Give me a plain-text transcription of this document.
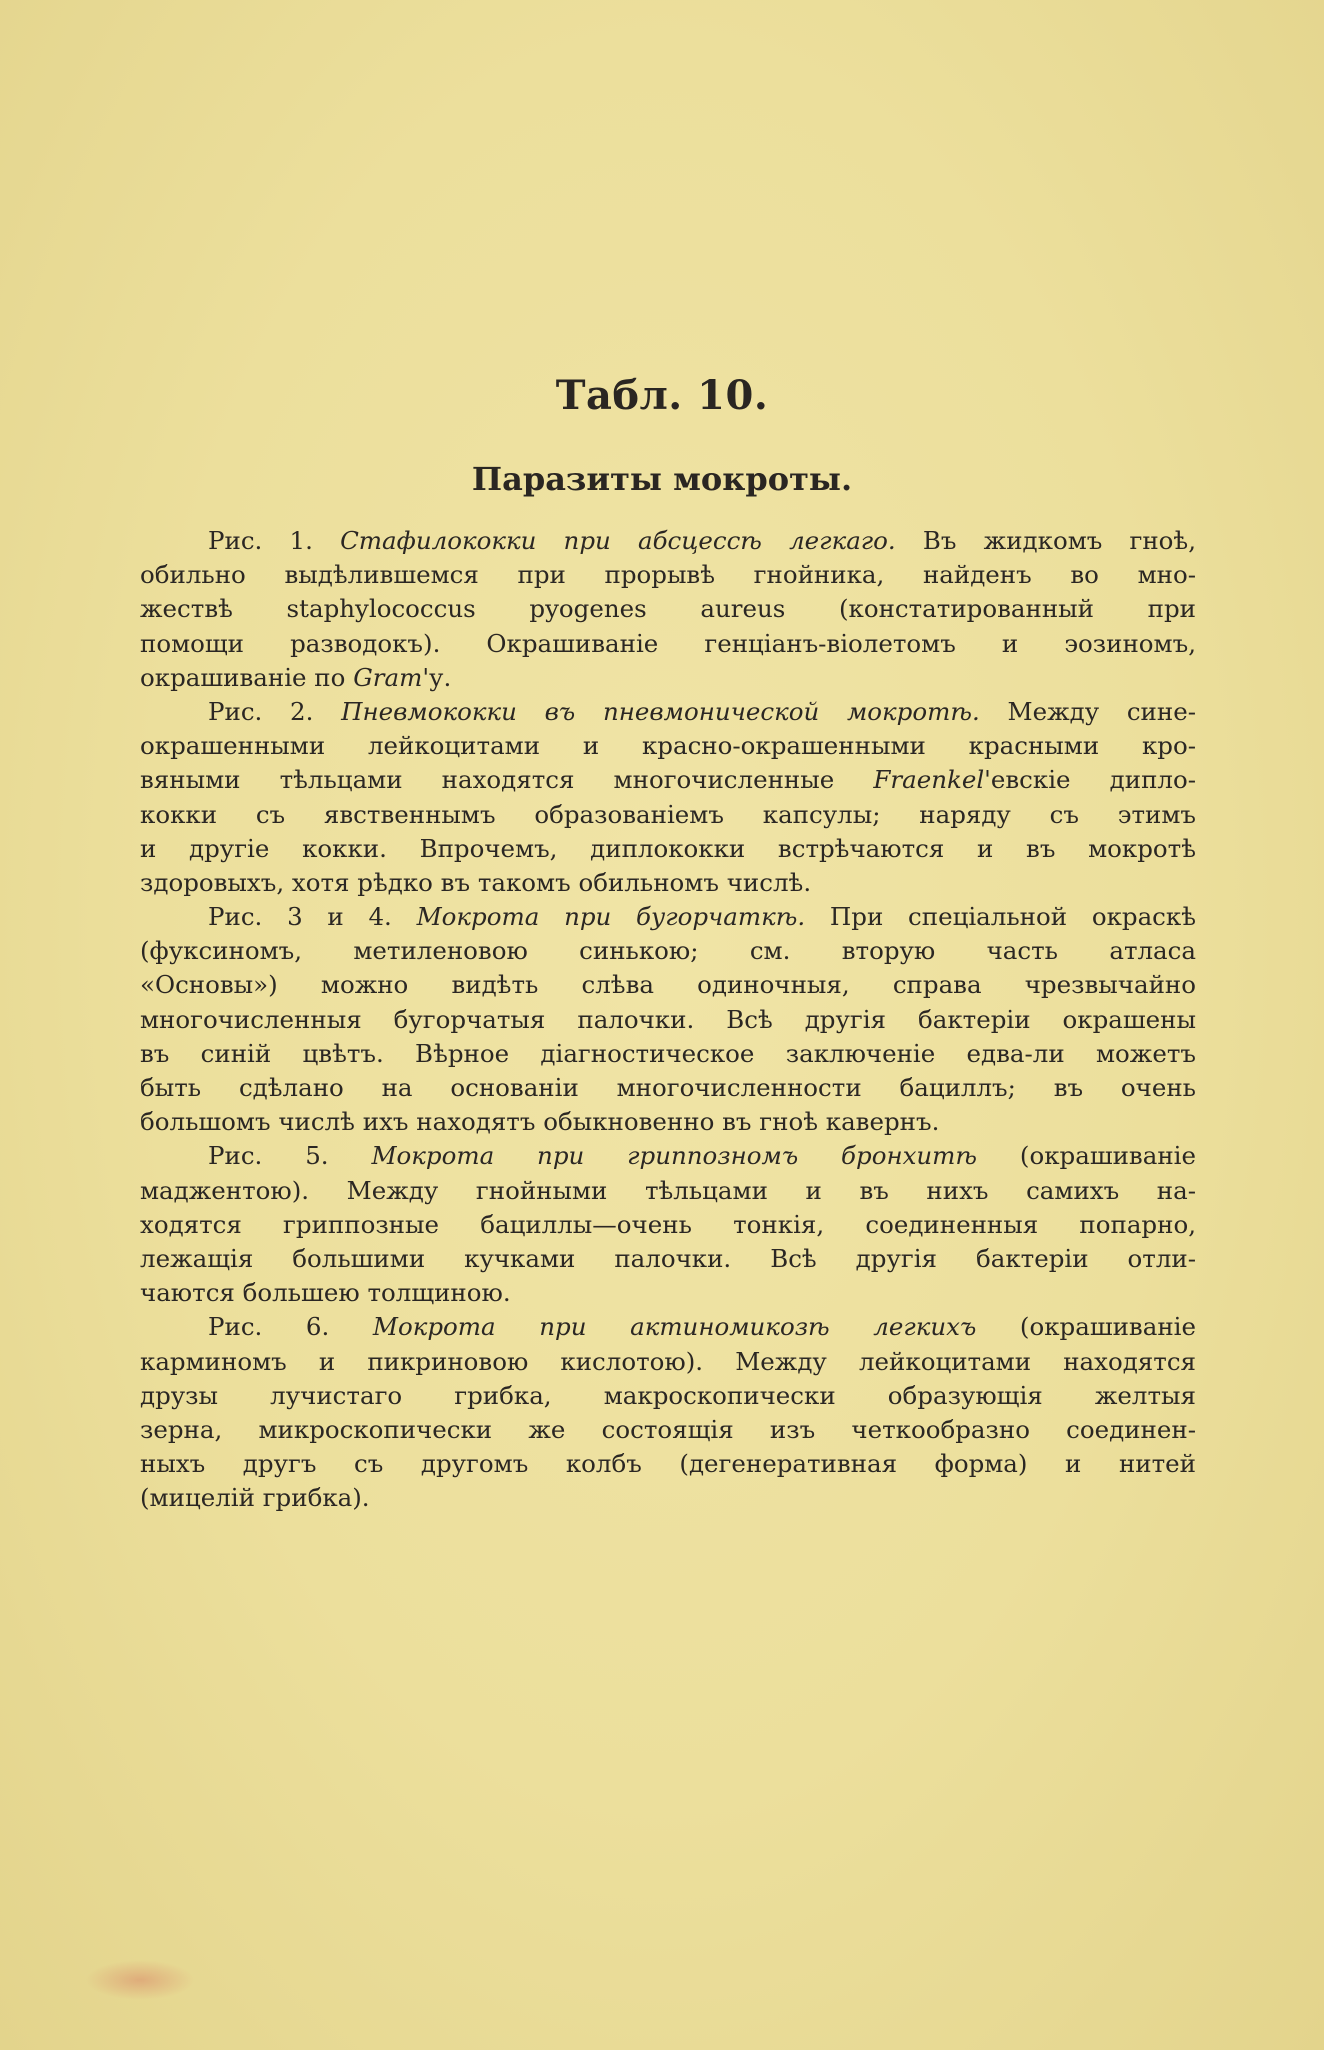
Табл. 10.
Паразиты мокроты.
Рис. 1. Стафилококки при абсцессѣ легкаго. Въ жидкомъ гноѣ,
обильно выдѣлившемся при прорывѣ гнойника, найденъ во мно-
жествѣ staphylococcus pyogenes aureus (констатированный при
помощи разводокъ). Окрашиваніе генціанъ-віолетомъ и эозиномъ,
окрашиваніе по Gram'у.
Рис. 2. Пневмококки въ пневмонической мокротѣ. Между сине-
окрашенными лейкоцитами и красно-окрашенными красными кро-
вяными тѣльцами находятся многочисленные Fraenkel'евскіе дипло-
кокки съ явственнымъ образованіемъ капсулы; наряду съ этимъ
и другіе кокки. Впрочемъ, диплококки встрѣчаются и въ мокротѣ
здоровыхъ, хотя рѣдко въ такомъ обильномъ числѣ.
Рис. 3 и 4. Мокрота при бугорчаткѣ. При спеціальной окраскѣ
(фуксиномъ, метиленовою синькою; см. вторую часть атласа
«Основы») можно видѣть слѣва одиночныя, справа чрезвычайно
многочисленныя бугорчатыя палочки. Всѣ другія бактеріи окрашены
въ синій цвѣтъ. Вѣрное діагностическое заключеніе едва-ли можетъ
быть сдѣлано на основаніи многочисленности бациллъ; въ очень
большомъ числѣ ихъ находятъ обыкновенно въ гноѣ кавернъ.
Рис. 5. Мокрота при гриппозномъ бронхитѣ (окрашиваніе
маджентою). Между гнойными тѣльцами и въ нихъ самихъ на-
ходятся гриппозные бациллы—очень тонкія, соединенныя попарно,
лежащія большими кучками палочки. Всѣ другія бактеріи отли-
чаются большею толщиною.
Рис. 6. Мокрота при актиномикозѣ легкихъ (окрашиваніе
карминомъ и пикриновою кислотою). Между лейкоцитами находятся
друзы лучистаго грибка, макроскопически образующія желтыя
зерна, микроскопически же состоящія изъ четкообразно соединен-
ныхъ другъ съ другомъ колбъ (дегенеративная форма) и нитей
(мицелій грибка).
